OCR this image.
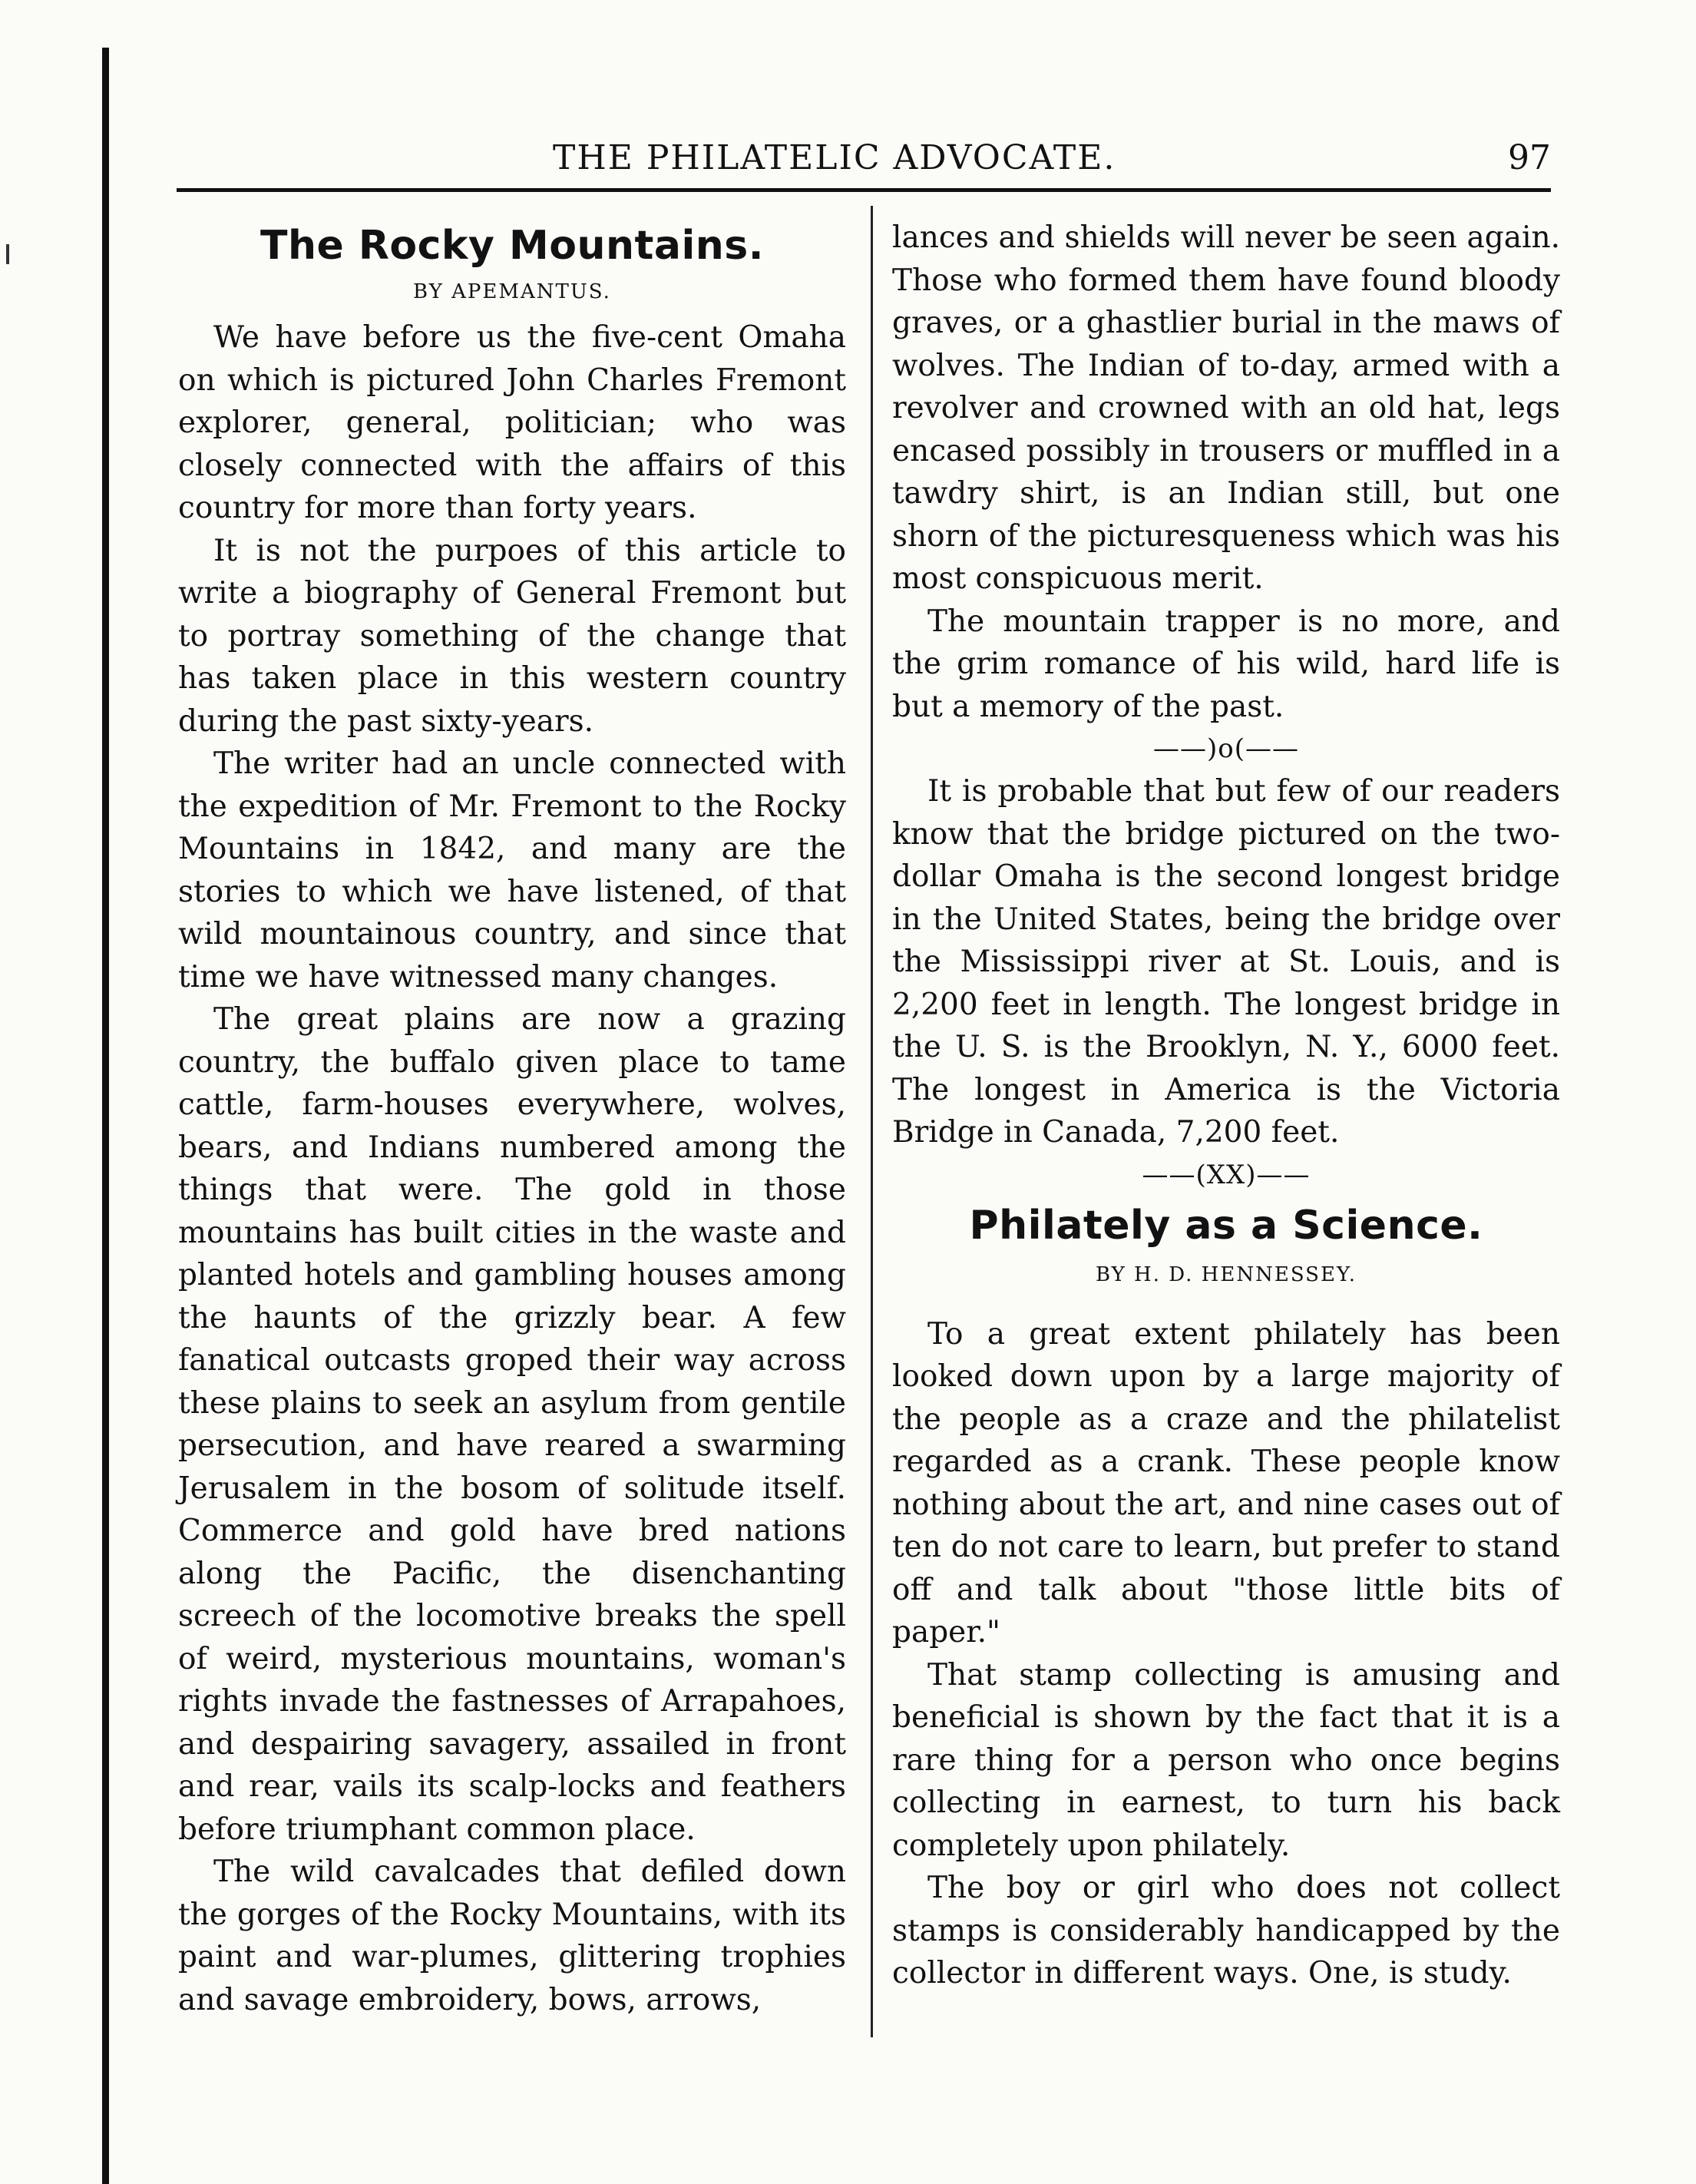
THE PHILATELIC ADVOCATE.	97
The Rocky Mountains.
BY APEMANTUS.

We have before us the five-cent Omaha on which is pictured John Charles Fremont explorer, general, politician; who was closely connected with the affairs of this country for more than forty years.

It is not the purpoes of this article to write a biography of General Fremont but to portray something of the change that has taken place in this western country during the past sixty-years.

The writer had an uncle connected with the expedition of Mr. Fremont to the Rocky Mountains in 1842, and many are the stories to which we have listened, of that wild mountainous country, and since that time we have witnessed many changes.

The great plains are now a grazing country, the buffalo given place to tame cattle, farm-houses everywhere, wolves, bears, and Indians numbered among the things that were. The gold in those mountains has built cities in the waste and planted hotels and gambling houses among the haunts of the grizzly bear. A few fanatical outcasts groped their way across these plains to seek an asylum from gentile persecution, and have reared a swarming Jerusalem in the bosom of solitude itself. Commerce and gold have bred nations along the Pacific, the disenchanting screech of the locomotive breaks the spell of weird, mysterious mountains, woman's rights invade the fastnesses of Arrapahoes, and despairing savagery, assailed in front and rear, vails its scalp-locks and feathers before triumphant common place.

The wild cavalcades that defiled down the gorges of the Rocky Mountains, with its paint and war-plumes, glittering trophies and savage embroidery, bows, arrows,

lances and shields will never be seen again. Those who formed them have found bloody graves, or a ghastlier burial in the maws of wolves. The Indian of to-day, armed with a revolver and crowned with an old hat, legs encased possibly in trousers or muffled in a tawdry shirt, is an Indian still, but one shorn of the picturesqueness which was his most conspicuous merit.

The mountain trapper is no more, and the grim romance of his wild, hard life is but a memory of the past.

——)o(——

It is probable that but few of our readers know that the bridge pictured on the two-dollar Omaha is the second longest bridge in the United States, being the bridge over the Mississippi river at St. Louis, and is 2,200 feet in length. The longest bridge in the U. S. is the Brooklyn, N. Y., 6000 feet. The longest in America is the Victoria Bridge in Canada, 7,200 feet.

——(XX)——
Philately as a Science.
BY H. D. HENNESSEY.

To a great extent philately has been looked down upon by a large majority of the people as a craze and the philatelist regarded as a crank. These people know nothing about the art, and nine cases out of ten do not care to learn, but prefer to stand off and talk about "those little bits of paper."

That stamp collecting is amusing and beneficial is shown by the fact that it is a rare thing for a person who once begins collecting in earnest, to turn his back completely upon philately.

The boy or girl who does not collect stamps is considerably handicapped by the collector in different ways. One, is study.
